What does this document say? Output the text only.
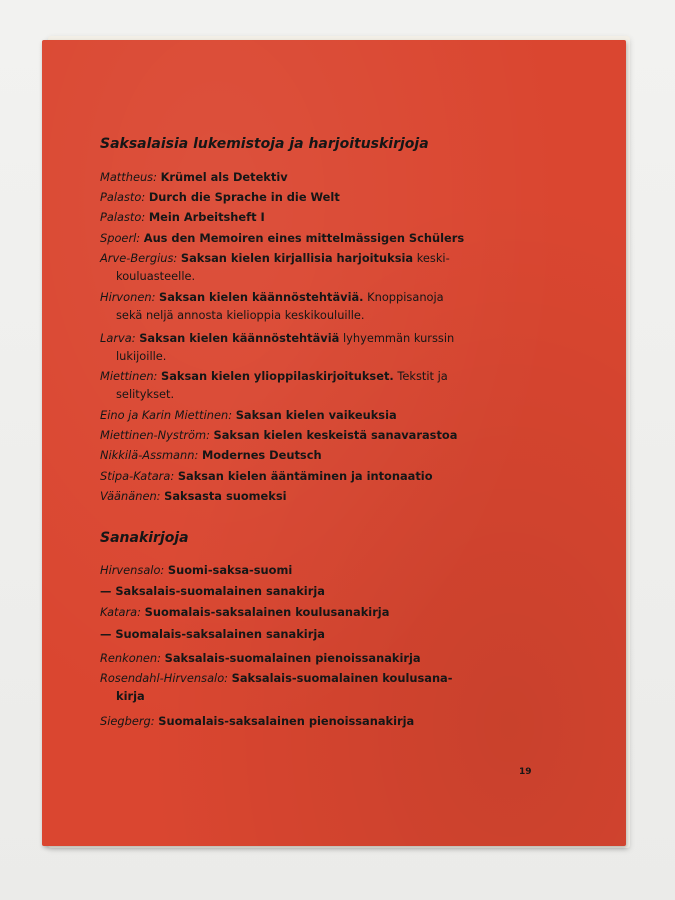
Saksalaisia lukemistoja ja harjoituskirjoja
Mattheus: Krümel als Detektiv
Palasto: Durch die Sprache in die Welt
Palasto: Mein Arbeitsheft I
Spoerl: Aus den Memoiren eines mittelmässigen Schülers
Arve-Bergius: Saksan kielen kirjallisia harjoituksia keski-
kouluasteelle.
Hirvonen: Saksan kielen käännöstehtäviä. Knoppisanoja
sekä neljä annosta kielioppia keskikouluille.
Larva: Saksan kielen käännöstehtäviä lyhyemmän kurssin
lukijoille.
Miettinen: Saksan kielen ylioppilaskirjoitukset. Tekstit ja
selitykset.
Eino ja Karin Miettinen: Saksan kielen vaikeuksia
Miettinen-Nyström: Saksan kielen keskeistä sanavarastoa
Nikkilä-Assmann: Modernes Deutsch
Stipa-Katara: Saksan kielen ääntäminen ja intonaatio
Väänänen: Saksasta suomeksi
Sanakirjoja
Hirvensalo: Suomi-saksa-suomi
— Saksalais-suomalainen sanakirja
Katara: Suomalais-saksalainen koulusanakirja
— Suomalais-saksalainen sanakirja
Renkonen: Saksalais-suomalainen pienoissanakirja
Rosendahl-Hirvensalo: Saksalais-suomalainen koulusana-
kirja
Siegberg: Suomalais-saksalainen pienoissanakirja
19
